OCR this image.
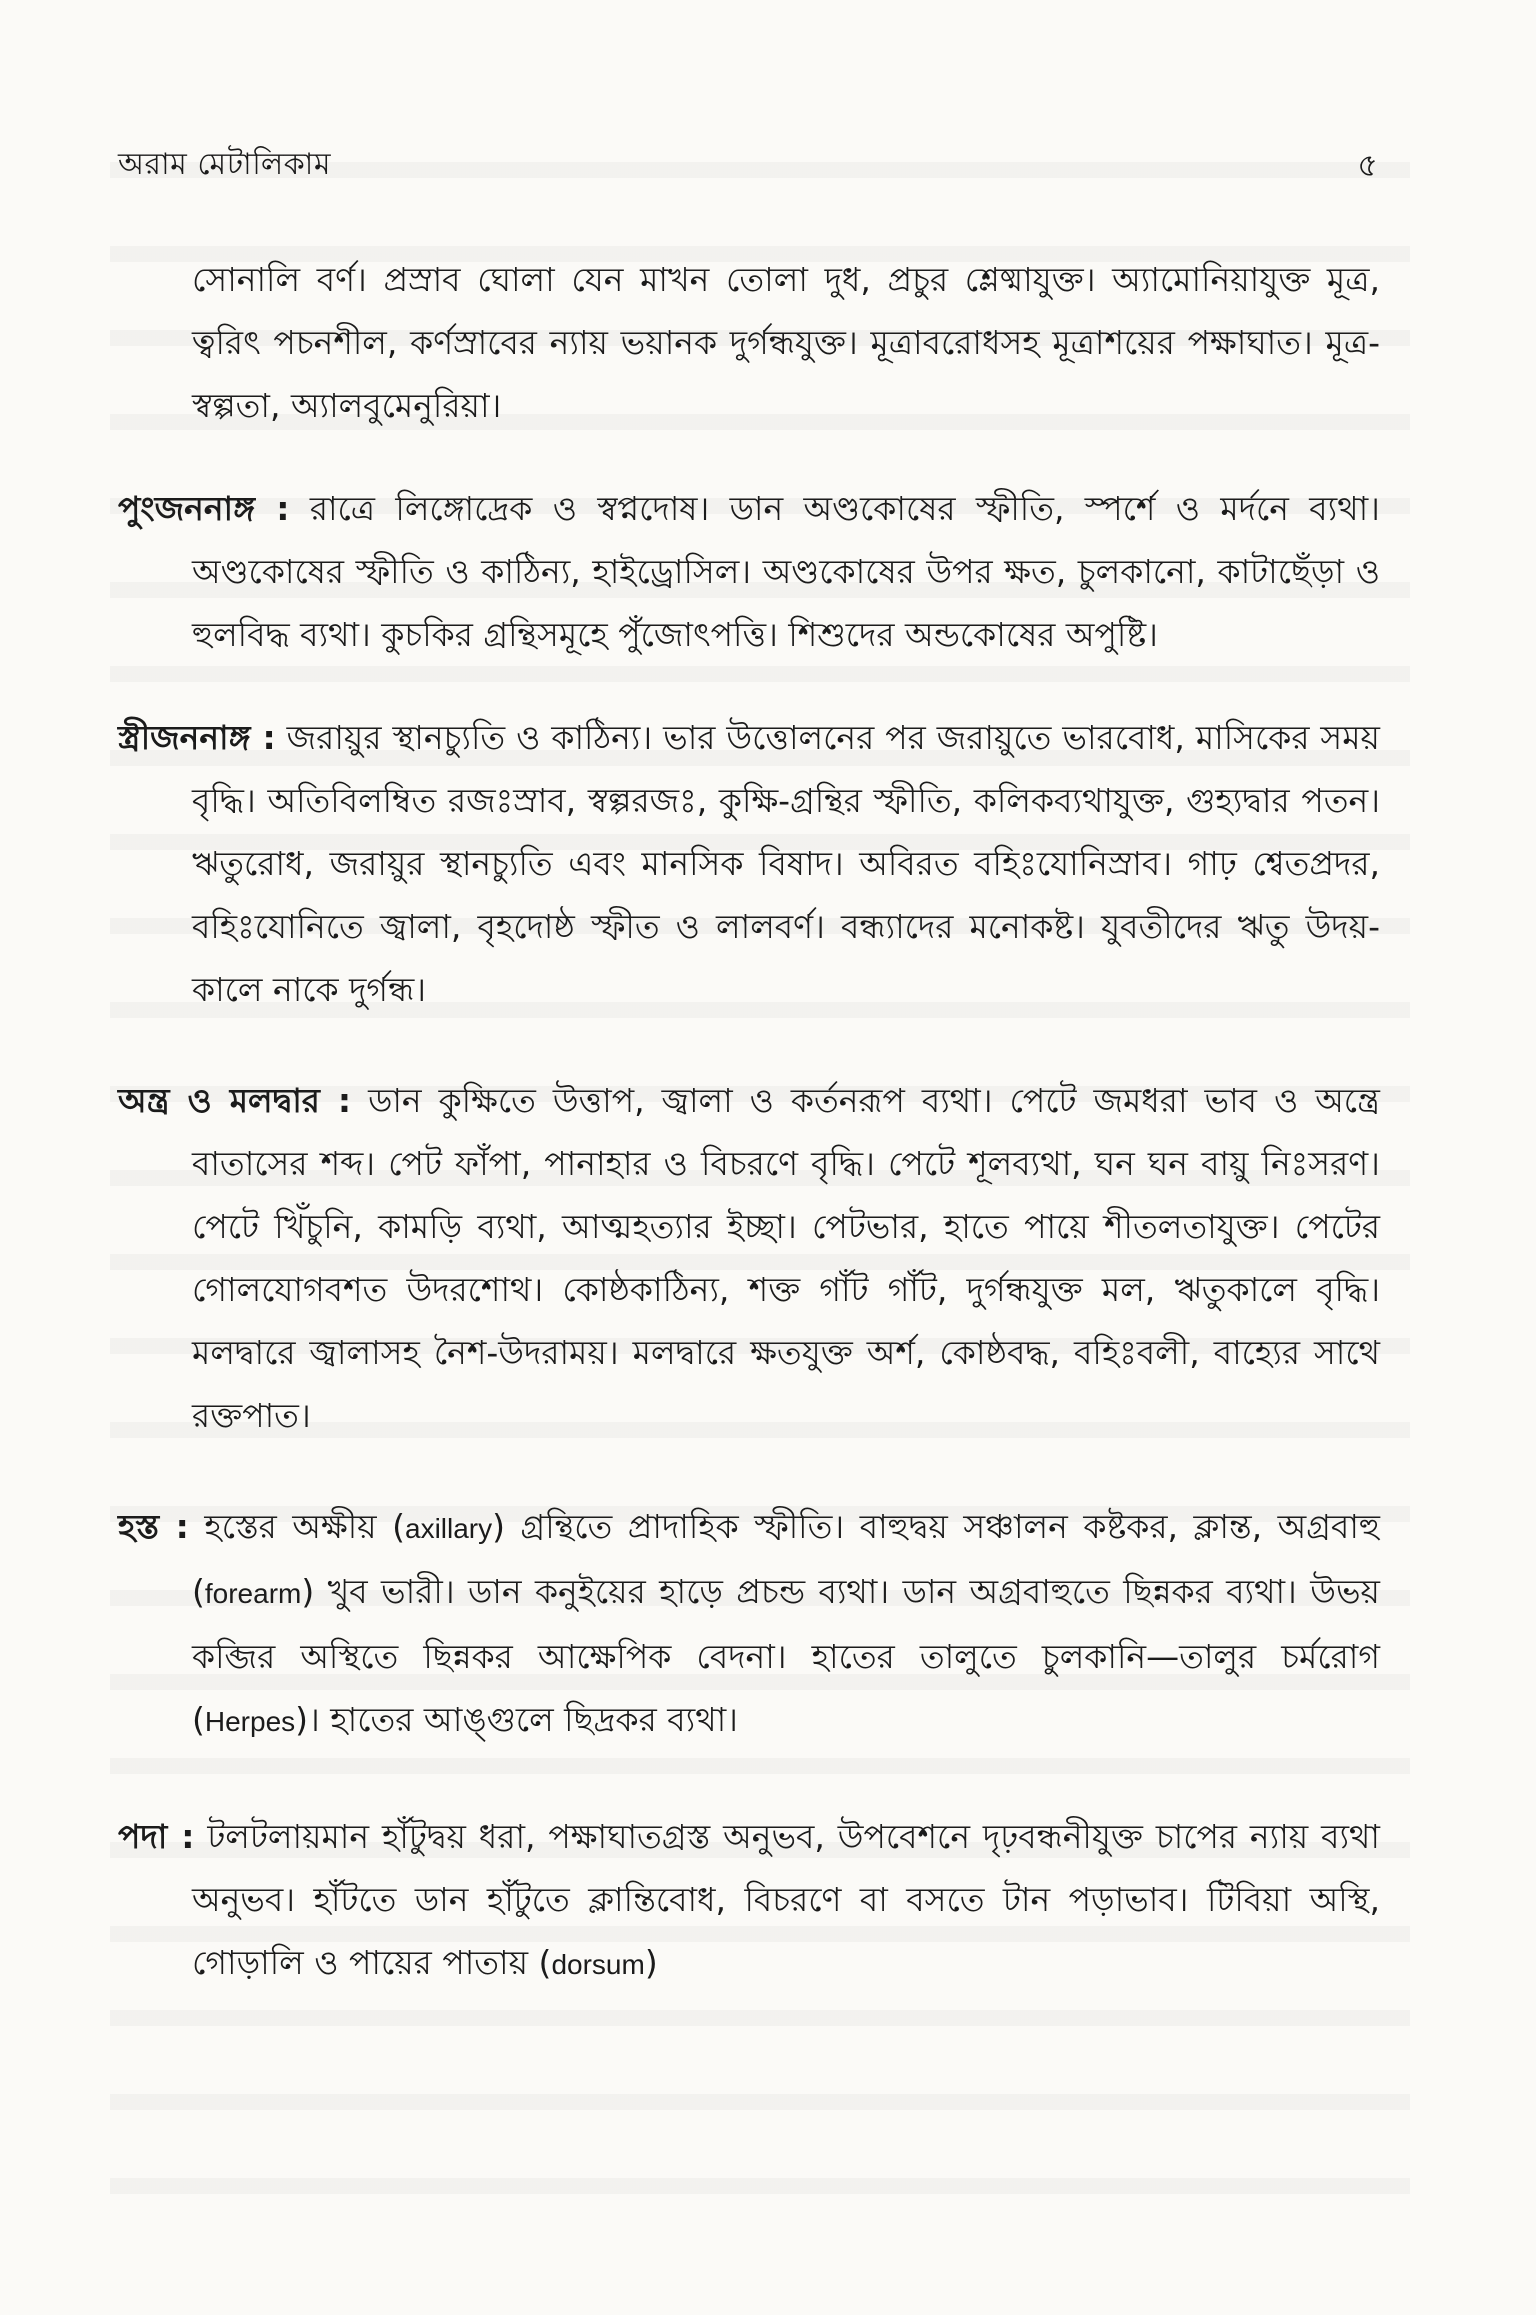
অরাম মেটালিকাম	৫

সোনালি বর্ণ। প্রস্রাব ঘোলা যেন মাখন তোলা দুধ, প্রচুর শ্লেষ্মাযুক্ত। অ্যামোনিয়াযুক্ত মূত্র, ত্বরিৎ পচনশীল, কর্ণস্রাবের ন্যায় ভয়ানক দুর্গন্ধযুক্ত। মূত্রাবরোধসহ মূত্রাশয়ের পক্ষাঘাত। মূত্র-স্বল্পতা, অ্যালবুমেনুরিয়া।

পুংজননাঙ্গ : রাত্রে লিঙ্গোদ্রেক ও স্বপ্নদোষ। ডান অণ্ডকোষের স্ফীতি, স্পর্শে ও মর্দনে ব্যথা। অণ্ডকোষের স্ফীতি ও কাঠিন্য, হাইড্রোসিল। অণ্ডকোষের উপর ক্ষত, চুলকানো, কাটাছেঁড়া ও হুলবিদ্ধ ব্যথা। কুচকির গ্রন্থিসমূহে পুঁজোৎপত্তি। শিশুদের অন্ডকোষের অপুষ্টি।

স্ত্রীজননাঙ্গ : জরায়ুর স্থানচ্যুতি ও কাঠিন্য। ভার উত্তোলনের পর জরায়ুতে ভারবোধ, মাসিকের সময় বৃদ্ধি। অতিবিলম্বিত রজঃস্রাব, স্বল্পরজঃ, কুক্ষি-গ্রন্থির স্ফীতি, কলিকব্যথাযুক্ত, গুহ্যদ্বার পতন। ঋতুরোধ, জরায়ুর স্থানচ্যুতি এবং মানসিক বিষাদ। অবিরত বহিঃযোনিস্রাব। গাঢ় শ্বেতপ্রদর, বহিঃযোনিতে জ্বালা, বৃহদোষ্ঠ স্ফীত ও লালবর্ণ। বন্ধ্যাদের মনোকষ্ট। যুবতীদের ঋতু উদয়-কালে নাকে দুর্গন্ধ।

অন্ত্র ও মলদ্বার : ডান কুক্ষিতে উত্তাপ, জ্বালা ও কর্তনরূপ ব্যথা। পেটে জমধরা ভাব ও অন্ত্রে বাতাসের শব্দ। পেট ফাঁপা, পানাহার ও বিচরণে বৃদ্ধি। পেটে শূলব্যথা, ঘন ঘন বায়ু নিঃসরণ। পেটে খিঁচুনি, কামড়ি ব্যথা, আত্মহত্যার ইচ্ছা। পেটভার, হাতে পায়ে শীতলতাযুক্ত। পেটের গোলযোগবশত উদরশোথ। কোষ্ঠকাঠিন্য, শক্ত গাঁট গাঁট, দুর্গন্ধযুক্ত মল, ঋতুকালে বৃদ্ধি। মলদ্বারে জ্বালাসহ নৈশ-উদরাময়। মলদ্বারে ক্ষতযুক্ত অর্শ, কোষ্ঠবদ্ধ, বহিঃবলী, বাহ্যের সাথে রক্তপাত।

হস্ত : হস্তের অক্ষীয় (axillary) গ্রন্থিতে প্রাদাহিক স্ফীতি। বাহুদ্বয় সঞ্চালন কষ্টকর, ক্লান্ত, অগ্রবাহু (forearm) খুব ভারী। ডান কনুইয়ের হাড়ে প্রচন্ড ব্যথা। ডান অগ্রবাহুতে ছিন্নকর ব্যথা। উভয় কব্জির অস্থিতে ছিন্নকর আক্ষেপিক বেদনা। হাতের তালুতে চুলকানি—তালুর চর্মরোগ (Herpes)। হাতের আঙ্গুলে ছিদ্রকর ব্যথা।

পদা : টলটলায়মান হাঁটুদ্বয় ধরা, পক্ষাঘাতগ্রস্ত অনুভব, উপবেশনে দৃঢ়বন্ধনীযুক্ত চাপের ন্যায় ব্যথা অনুভব। হাঁটতে ডান হাঁটুতে ক্লান্তিবোধ, বিচরণে বা বসতে টান পড়াভাব। টিবিয়া অস্থি, গোড়ালি ও পায়ের পাতায় (dorsum)
